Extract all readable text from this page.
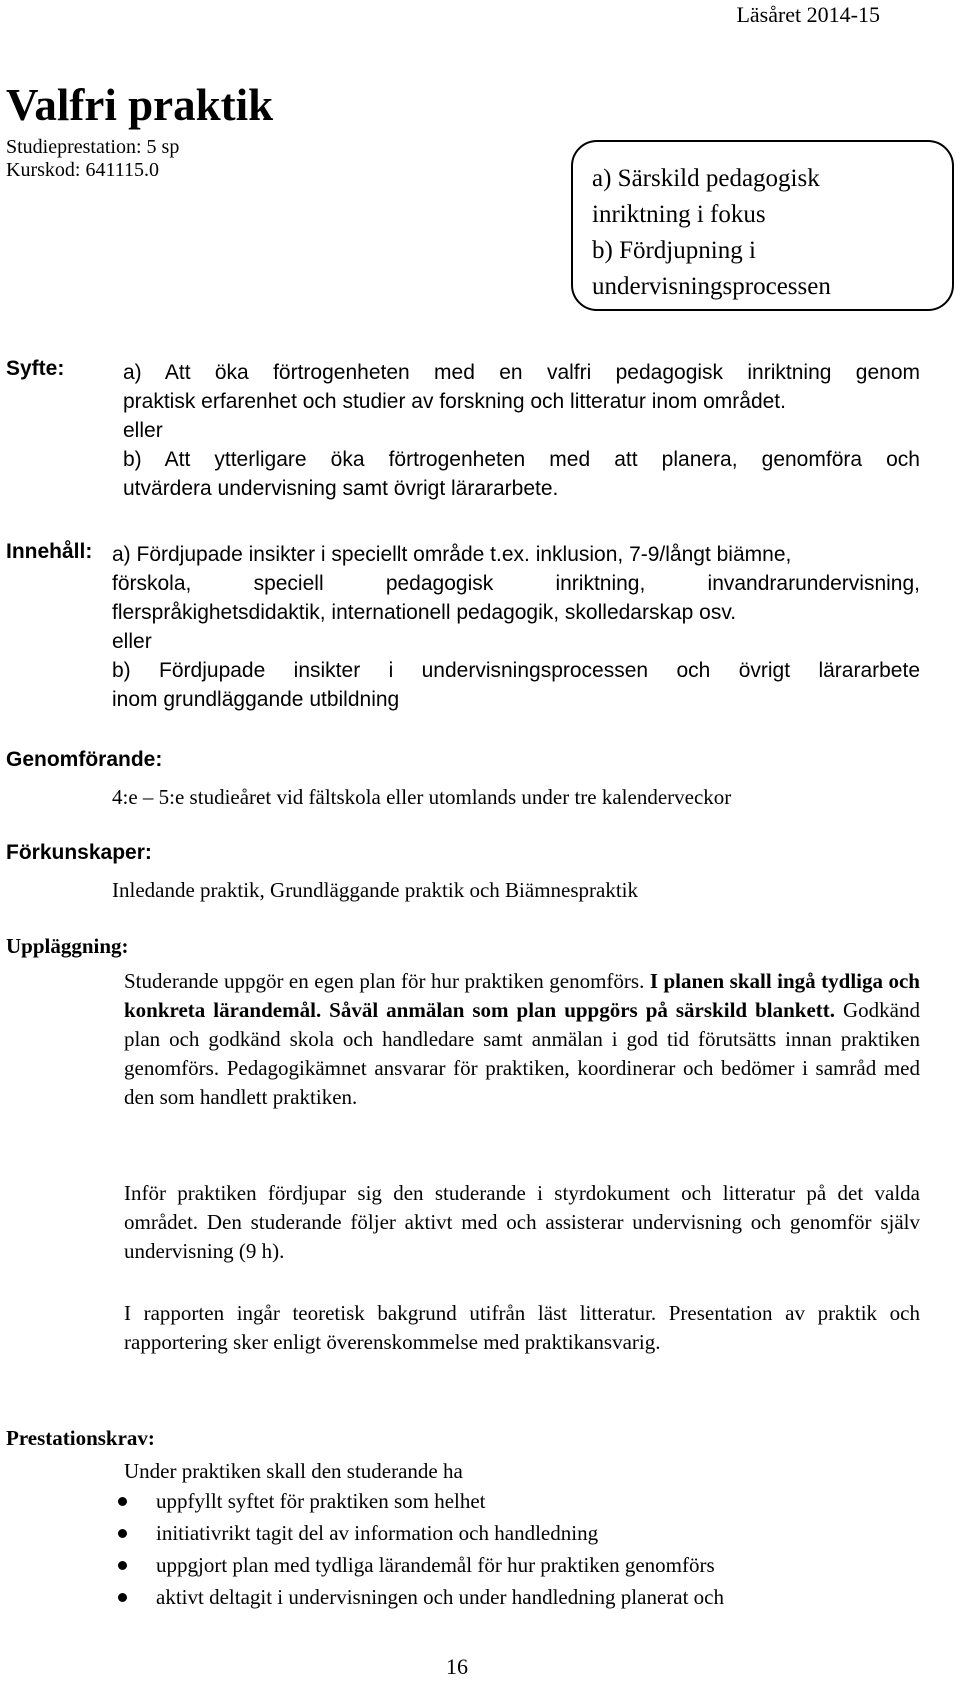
Läsåret 2014-15
Valfri praktik
Studieprestation: 5 sp
Kurskod: 641115.0	a) Särskild pedagogisk
inriktning i fokus
b) Fördjupning i
undervisningsprocessen
Syfte:	a) Att öka förtrogenheten med en valfri pedagogisk inriktning genom
praktisk erfarenhet och studier av forskning och litteratur inom området.
eller
b) Att ytterligare öka förtrogenheten med att planera, genomföra och
utvärdera undervisning samt övrigt lärararbete.
Innehåll: a) Fördjupade insikter i speciellt område t.ex. inklusion, 7-9/långt biämne,
förskola, speciell pedagogisk inriktning, invandrarundervisning,
flerspråkighetsdidaktik, internationell pedagogik, skolledarskap osv.
eller
b) Fördjupade insikter i undervisningsprocessen och övrigt lärararbete
inom grundläggande utbildning
Genomförande:
4:e – 5:e studieåret vid fältskola eller utomlands under tre kalenderveckor
Förkunskaper:
Inledande praktik, Grundläggande praktik och Biämnespraktik
Uppläggning:
Studerande uppgör en egen plan för hur praktiken genomförs. I planen skall ingå tydliga och konkreta lärandemål. Såväl anmälan som plan uppgörs på särskild blankett. Godkänd plan och godkänd skola och handledare samt anmälan i god tid förutsätts innan praktiken genomförs. Pedagogikämnet ansvarar för praktiken, koordinerar och bedömer i samråd med den som handlett praktiken.
Inför praktiken fördjupar sig den studerande i styrdokument och litteratur på det valda området. Den studerande följer aktivt med och assisterar undervisning och genomför själv undervisning (9 h).
I rapporten ingår teoretisk bakgrund utifrån läst litteratur. Presentation av praktik och rapportering sker enligt överenskommelse med praktikansvarig.
Prestationskrav:
Under praktiken skall den studerande ha
uppfyllt syftet för praktiken som helhet
initiativrikt tagit del av information och handledning
uppgjort plan med tydliga lärandemål för hur praktiken genomförs
aktivt deltagit i undervisningen och under handledning planerat och
16
